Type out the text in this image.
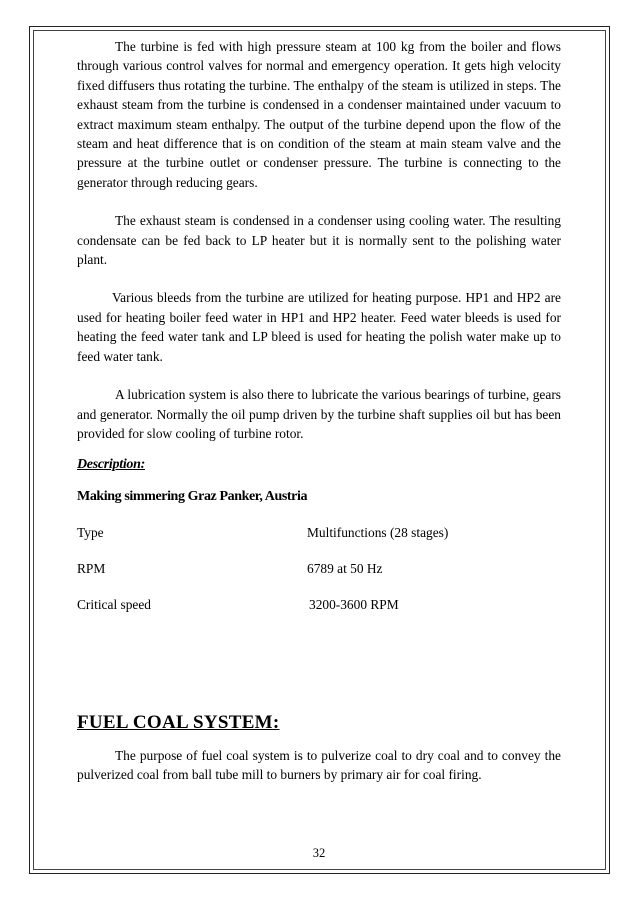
The turbine is fed with high pressure steam at 100 kg from the boiler and flows through various control valves for normal and emergency operation. It gets high velocity fixed diffusers thus rotating the turbine. The enthalpy of the steam is utilized in steps. The exhaust steam from the turbine is condensed in a condenser maintained under vacuum to extract maximum steam enthalpy. The output of the turbine depend upon the flow of the steam and heat difference that is on condition of the steam at main steam valve and the pressure at the turbine outlet or condenser pressure. The turbine is connecting to the generator through reducing gears.

The exhaust steam is condensed in a condenser using cooling water. The resulting condensate can be fed back to LP heater but it is normally sent to the polishing water plant.

Various bleeds from the turbine are utilized for heating purpose. HP1 and HP2 are used for heating boiler feed water in HP1 and HP2 heater. Feed water bleeds is used for heating the feed water tank and LP bleed is used for heating the polish water make up to feed water tank.

A lubrication system is also there to lubricate the various bearings of turbine, gears and generator. Normally the oil pump driven by the turbine shaft supplies oil but has been provided for slow cooling of turbine rotor.

Description:
Making simmering Graz Panker, Austria
Type	Multifunctions (28 stages)
RPM	6789 at 50 Hz
Critical speed	3200-3600 RPM
FUEL COAL SYSTEM:

The purpose of fuel coal system is to pulverize coal to dry coal and to convey the pulverized coal from ball tube mill to burners by primary air for coal firing.

32
